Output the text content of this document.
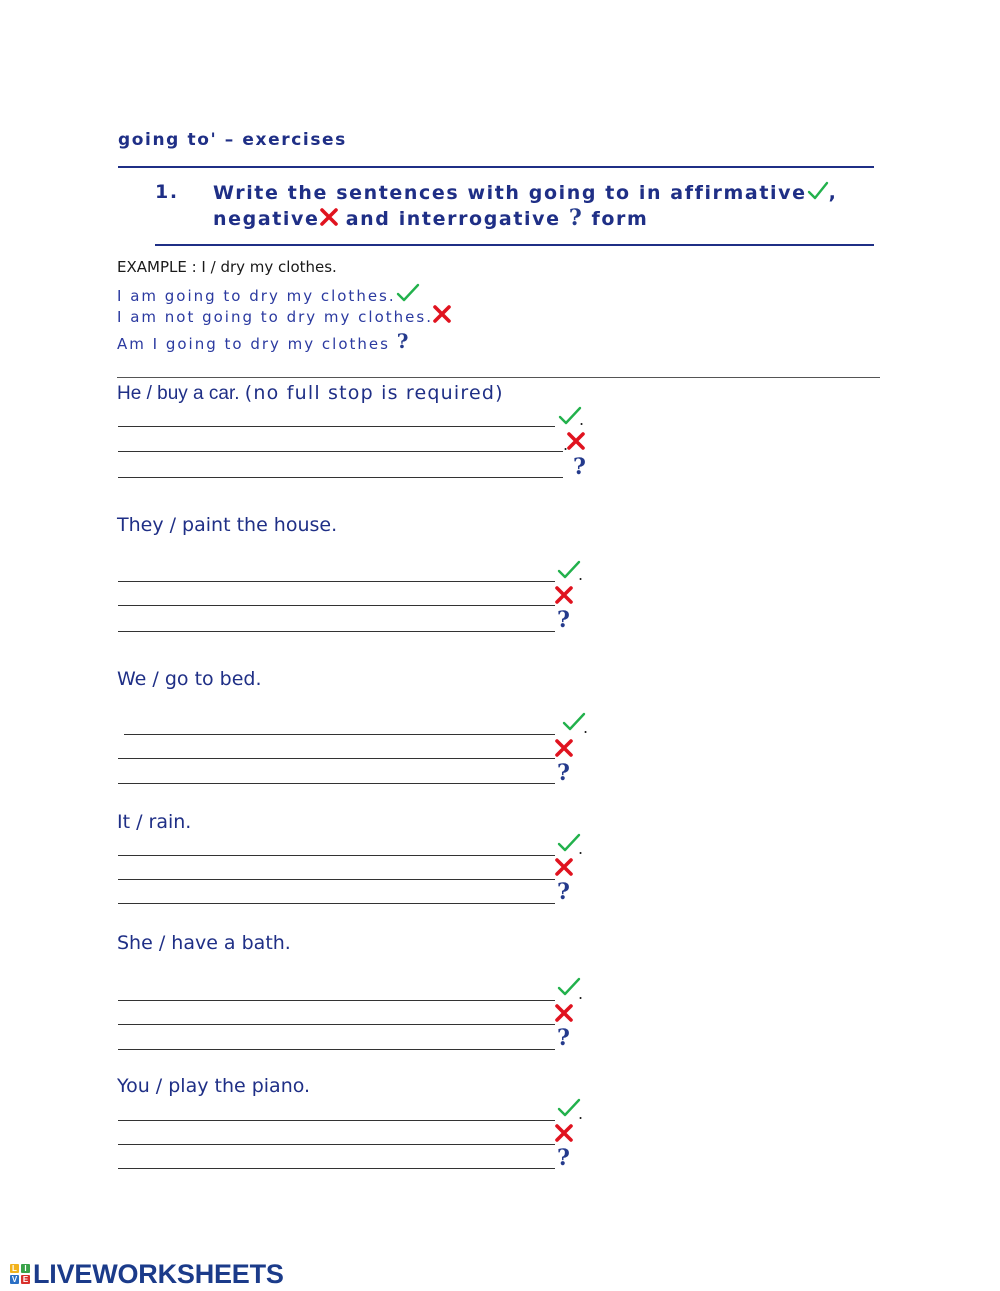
going to' – exercises
1. Write the sentences with going to in affirmative ,
negative and interrogative ? form
EXAMPLE : I / dry my clothes.
I am going to dry my clothes.
I am not going to dry my clothes.
Am I going to dry my clothes ?
He / buy a car. (no full stop is required)
They / paint the house.
We / go to bed.
It / rain.
She / have a bath.
You / play the piano.
.
.
?
.
?
.
?
.
?
.
?
.
?
L I
V E LIVEWORKSHEETS
